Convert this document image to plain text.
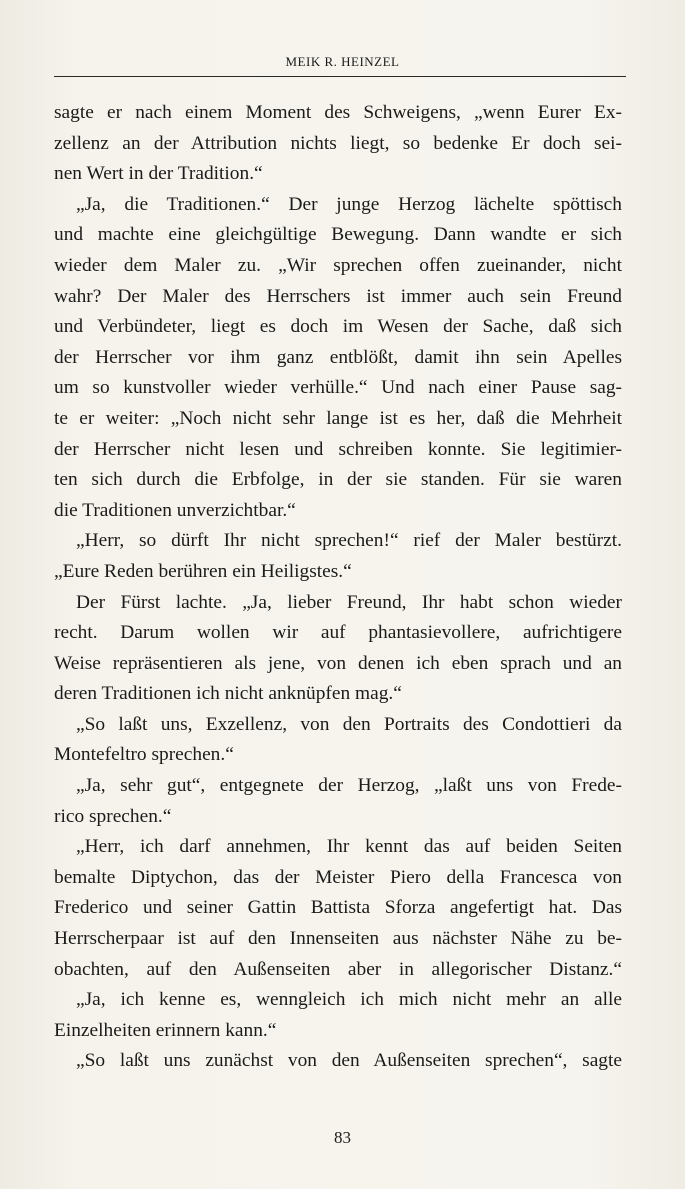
MEIK R. HEINZEL
sagte er nach einem Moment des Schweigens, „wenn Eurer Ex-
zellenz an der Attribution nichts liegt, so bedenke Er doch sei-
nen Wert in der Tradition.“
„Ja, die Traditionen.“ Der junge Herzog lächelte spöttisch
und machte eine gleichgültige Bewegung. Dann wandte er sich
wieder dem Maler zu. „Wir sprechen offen zueinander, nicht
wahr? Der Maler des Herrschers ist immer auch sein Freund
und Verbündeter, liegt es doch im Wesen der Sache, daß sich
der Herrscher vor ihm ganz entblößt, damit ihn sein Apelles
um so kunstvoller wieder verhülle.“ Und nach einer Pause sag-
te er weiter: „Noch nicht sehr lange ist es her, daß die Mehrheit
der Herrscher nicht lesen und schreiben konnte. Sie legitimier-
ten sich durch die Erbfolge, in der sie standen. Für sie waren
die Traditionen unverzichtbar.“
„Herr, so dürft Ihr nicht sprechen!“ rief der Maler bestürzt.
„Eure Reden berühren ein Heiligstes.“
Der Fürst lachte. „Ja, lieber Freund, Ihr habt schon wieder
recht. Darum wollen wir auf phantasievollere, aufrichtigere
Weise repräsentieren als jene, von denen ich eben sprach und an
deren Traditionen ich nicht anknüpfen mag.“
„So laßt uns, Exzellenz, von den Portraits des Condottieri da
Montefeltro sprechen.“
„Ja, sehr gut“, entgegnete der Herzog, „laßt uns von Frede-
rico sprechen.“
„Herr, ich darf annehmen, Ihr kennt das auf beiden Seiten
bemalte Diptychon, das der Meister Piero della Francesca von
Frederico und seiner Gattin Battista Sforza angefertigt hat. Das
Herrscherpaar ist auf den Innenseiten aus nächster Nähe zu be-
obachten, auf den Außenseiten aber in allegorischer Distanz.“
„Ja, ich kenne es, wenngleich ich mich nicht mehr an alle
Einzelheiten erinnern kann.“
„So laßt uns zunächst von den Außenseiten sprechen“, sagte
83
